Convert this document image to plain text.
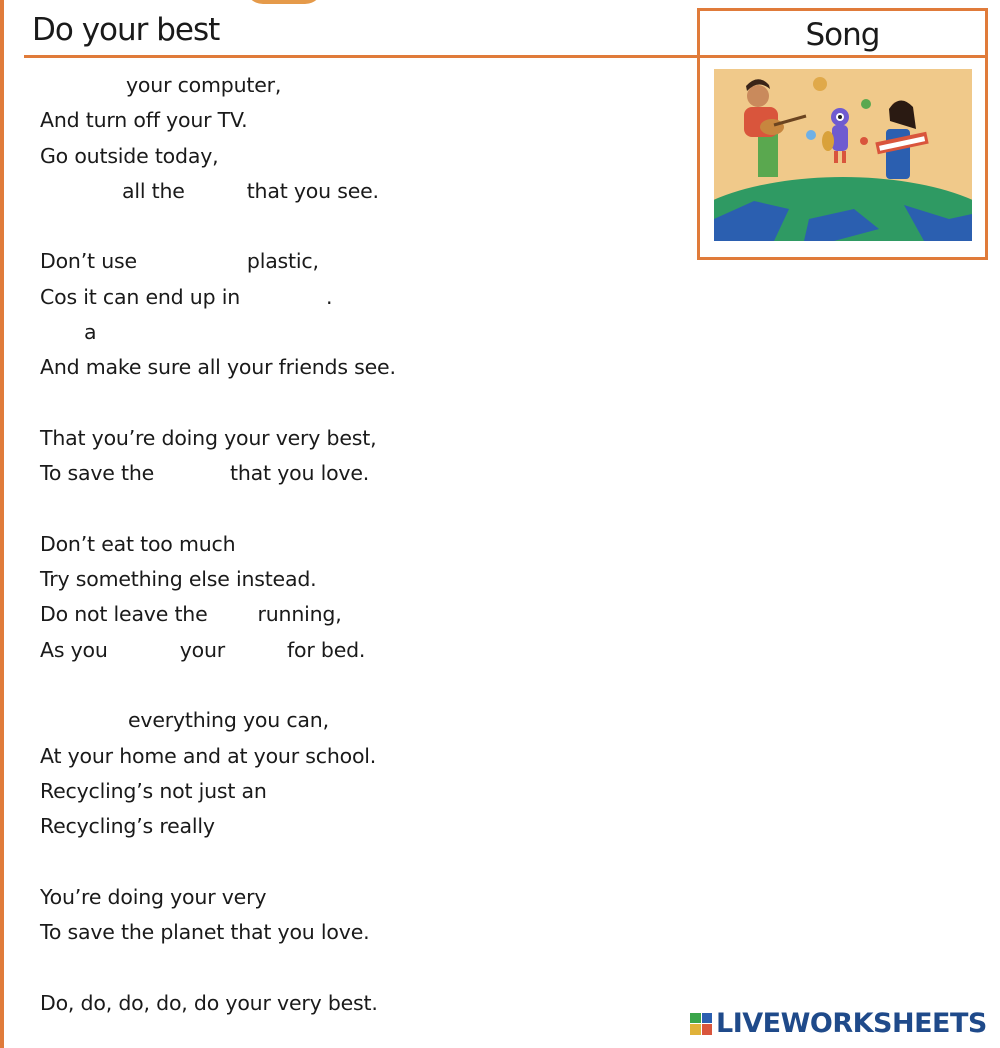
Do your best	Song
your computer,
And turn off your TV.
Go outside today,
all the	that you see.
Don’t use	plastic,
Cos it can end up in	.
a
And make sure all your friends see.
That you’re doing your very best,
To save the	that you love.
Don’t eat too much
Try something else instead.
Do not leave the running,
As you	your	for bed.
everything you can,
At your home and at your school.
Recycling’s not just an
Recycling’s really
You’re doing your very
To save the planet that you love.
Do, do, do, do, do your very best.
LIVEWORKSHEETS
